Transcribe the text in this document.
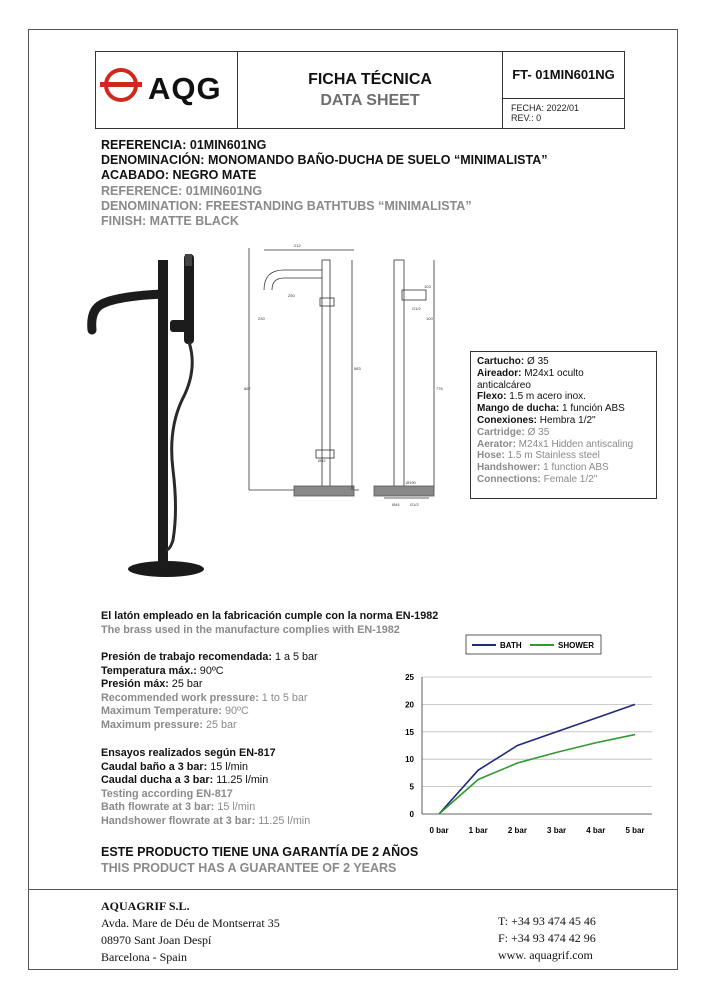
AQG	FICHA TÉCNICA
DATA SHEET
FT- 01MIN601NG
FECHA: 2022/01
REV.: 0
REFERENCIA: 01MIN601NG
DENOMINACIÓN: MONOMANDO BAÑO-DUCHA DE SUELO “MINIMALISTA”
ACABADO: NEGRO MATE
REFERENCE: 01MIN601NG
DENOMINATION: FREESTANDING BATHTUBS “MINIMALISTA”
FINISH: MATTE BLACK
212
250
230
867
583
Ø42
776
Ø190
Ø44	G1/2
100
G1/2
103
Cartucho: Ø 35
Aireador: M24x1 oculto
anticalcáreo
Flexo: 1.5 m acero inox.
Mango de ducha: 1 función ABS
Conexiones: Hembra 1/2"
Cartridge: Ø 35
Aerator: M24x1 Hidden antiscaling
Hose: 1.5 m Stainless steel
Handshower: 1 function ABS
Connections: Female 1/2"
El latón empleado en la fabricación cumple con la norma EN-1982
The brass used in the manufacture complies with EN-1982
Presión de trabajo recomendada: 1 a 5 bar
Temperatura máx.: 90ºC
Presión máx: 25 bar
Recommended work pressure: 1 to 5 bar
Maximum Temperature: 90ºC
Maximum pressure: 25 bar
Ensayos realizados según EN-817
Caudal baño a 3 bar: 15 l/min
Caudal ducha a 3 bar: 11.25 l/min
Testing according EN-817
Bath flowrate at 3 bar: 15 l/min
Handshower flowrate at 3 bar: 11.25 l/min
BATH	SHOWER
0
5
10
15
20
25
0 bar	1 bar	2 bar	3 bar	4 bar	5 bar
ESTE PRODUCTO TIENE UNA GARANTÍA DE 2 AÑOS
THIS PRODUCT HAS A GUARANTEE OF 2 YEARS
AQUAGRIF S.L.
Avda. Mare de Déu de Montserrat 35
08970 Sant Joan Despí
Barcelona - Spain
T: +34 93 474 45 46
F: +34 93 474 42 96
www. aquagrif.com
